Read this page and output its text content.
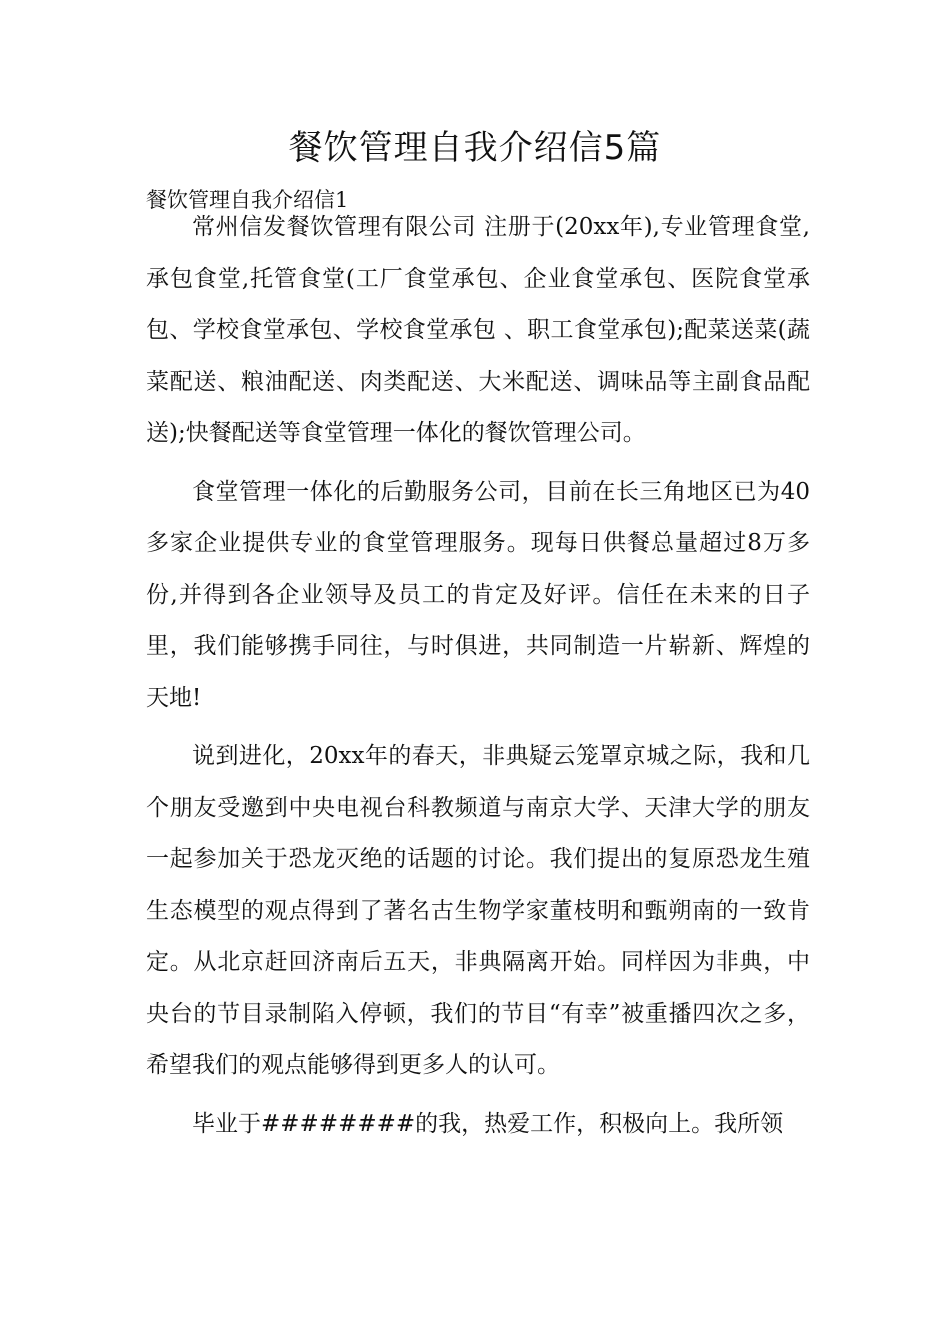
餐饮管理自我介绍信5篇
餐饮管理自我介绍信1

常州信发餐饮管理有限公司 注册于(20xx年),专业管理食堂,承包食堂,托管食堂(工厂食堂承包、企业食堂承包、医院食堂承包、学校食堂承包、学校食堂承包 、职工食堂承包);配菜送菜(蔬菜配送、粮油配送、肉类配送、大米配送、调味品等主副食品配送);快餐配送等食堂管理一体化的餐饮管理公司。

食堂管理一体化的后勤服务公司，目前在长三角地区已为40多家企业提供专业的食堂管理服务。现每日供餐总量超过8万多份,并得到各企业领导及员工的肯定及好评。信任在未来的日子里，我们能够携手同往，与时俱进，共同制造一片崭新、辉煌的天地!

说到进化，20xx年的春天，非典疑云笼罩京城之际，我和几个朋友受邀到中央电视台科教频道与南京大学、天津大学的朋友一起参加关于恐龙灭绝的话题的讨论。我们提出的复原恐龙生殖生态模型的观点得到了著名古生物学家董枝明和甄朔南的一致肯定。从北京赶回济南后五天，非典隔离开始。同样因为非典，中央台的节目录制陷入停顿，我们的节目“有幸”被重播四次之多，希望我们的观点能够得到更多人的认可。

毕业于########的我，热爱工作，积极向上。我所领
